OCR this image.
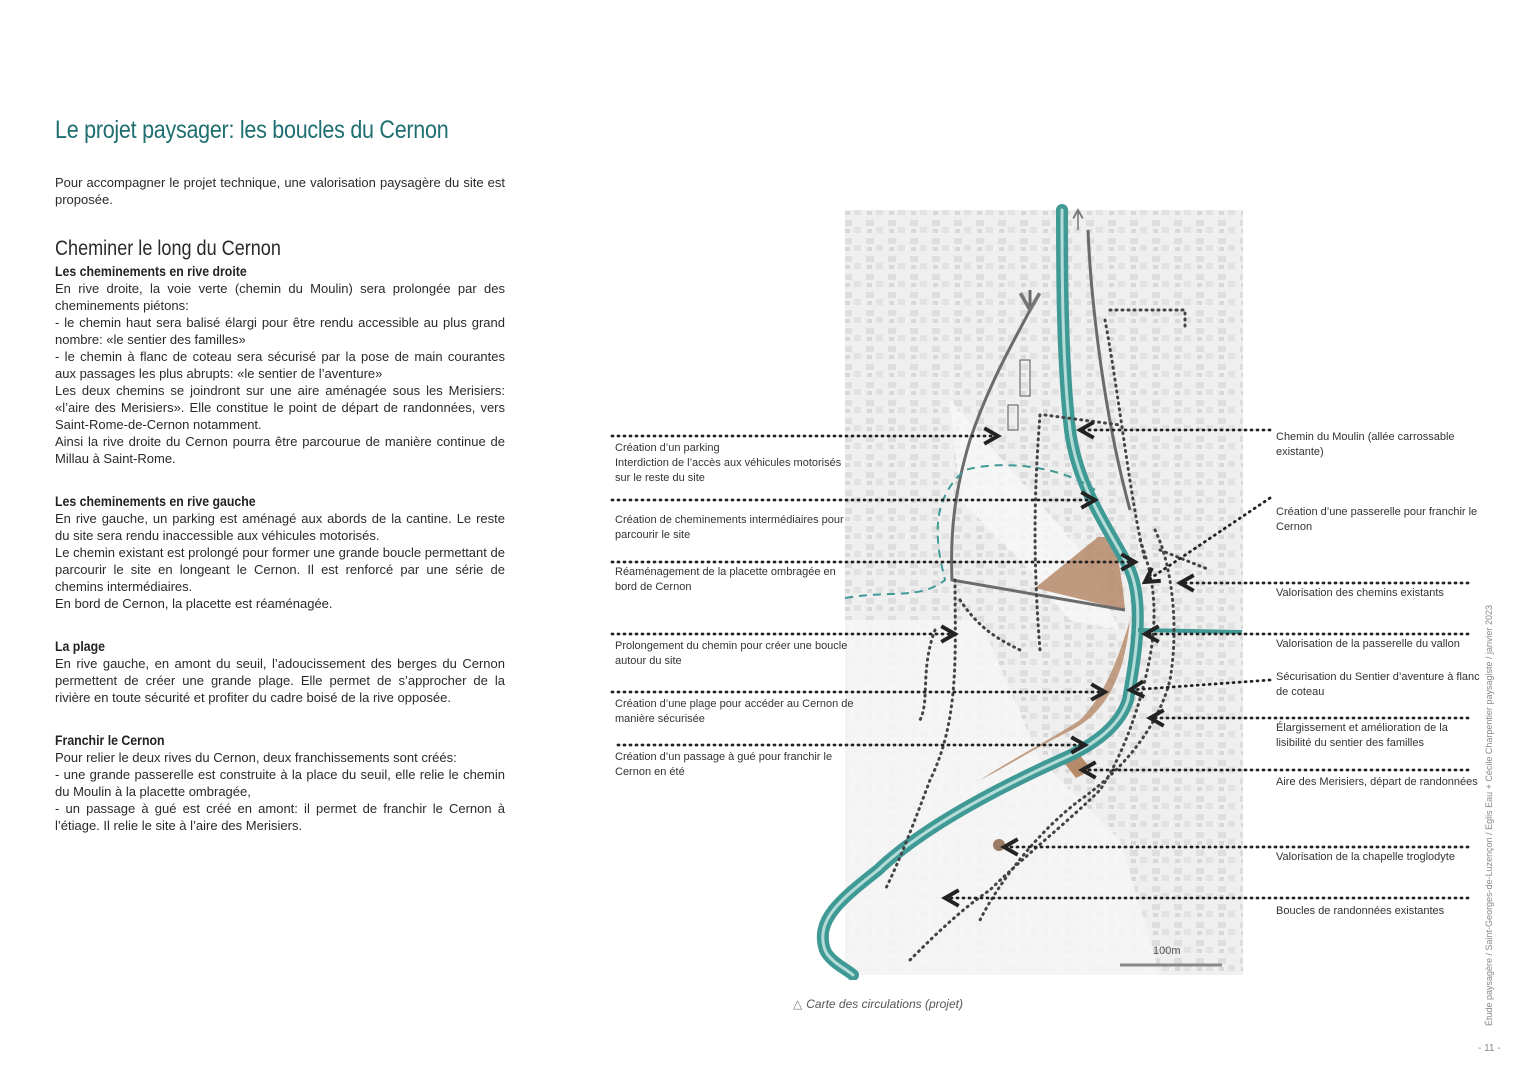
Le projet paysager: les boucles du Cernon

Pour accompagner le projet technique, une valorisation paysagère du site est proposée.

Cheminer le long du Cernon
Les cheminements en rive droite

En rive droite, la voie verte (chemin du Moulin) sera prolongée par des cheminements piétons:
- le chemin haut sera balisé élargi pour être rendu accessible au plus grand nombre: «le sentier des familles»
- le chemin à flanc de coteau sera sécurisé par la pose de main courantes aux passages les plus abrupts: «le sentier de l’aventure»
Les deux chemins se joindront sur une aire aménagée sous les Merisiers: «l’aire des Merisiers». Elle constitue le point de départ de randonnées, vers Saint-Rome-de-Cernon notamment.
Ainsi la rive droite du Cernon pourra être parcourue de manière continue de Millau à Saint-Rome.

Les cheminements en rive gauche

En rive gauche, un parking est aménagé aux abords de la cantine. Le reste du site sera rendu inaccessible aux véhicules motorisés.
Le chemin existant est prolongé pour former une grande boucle permettant de parcourir le site en longeant le Cernon. Il est renforcé par une série de chemins intermédiaires.
En bord de Cernon, la placette est réaménagée.

La plage

En rive gauche, en amont du seuil, l’adoucissement des berges du Cernon permettent de créer une grande plage. Elle permet de s’approcher de la rivière en toute sécurité et profiter du cadre boisé de la rive opposée.

Franchir le Cernon

Pour relier le deux rives du Cernon, deux franchissements sont créés:
- une grande passerelle est construite à la place du seuil, elle relie le chemin du Moulin à la placette ombragée,
- un passage à gué est créé en amont: il permet de franchir le Cernon à l’étiage. Il relie le site à l’aire des Merisiers.

Création d’un parking
Interdiction de l’accès aux véhicules motorisés sur le reste du site
Création de cheminements intermédiaires pour parcourir le site
Réaménagement de la placette ombragée en bord de Cernon
Prolongement du chemin pour créer une boucle autour du site
Création d’une plage pour accéder au Cernon de manière sécurisée
Création d’un passage à gué pour franchir le Cernon en été
Chemin du Moulin (allée carrossable existante)
Création d’une passerelle pour franchir le Cernon
Valorisation des chemins existants
Valorisation de la passerelle du vallon
Sécurisation du Sentier d’aventure à flanc de coteau
Élargissement et amélioration de la lisibilité du sentier des familles
Aire des Merisiers, départ de randonnées
Valorisation de la chapelle troglodyte
Boucles de randonnées existantes
100m
△ Carte des circulations (projet)	Étude paysagère / Saint-Georges-de-Luzençon / Eglis Eau + Cécile Charpentier paysagiste / janvier 2023
- 11 -
